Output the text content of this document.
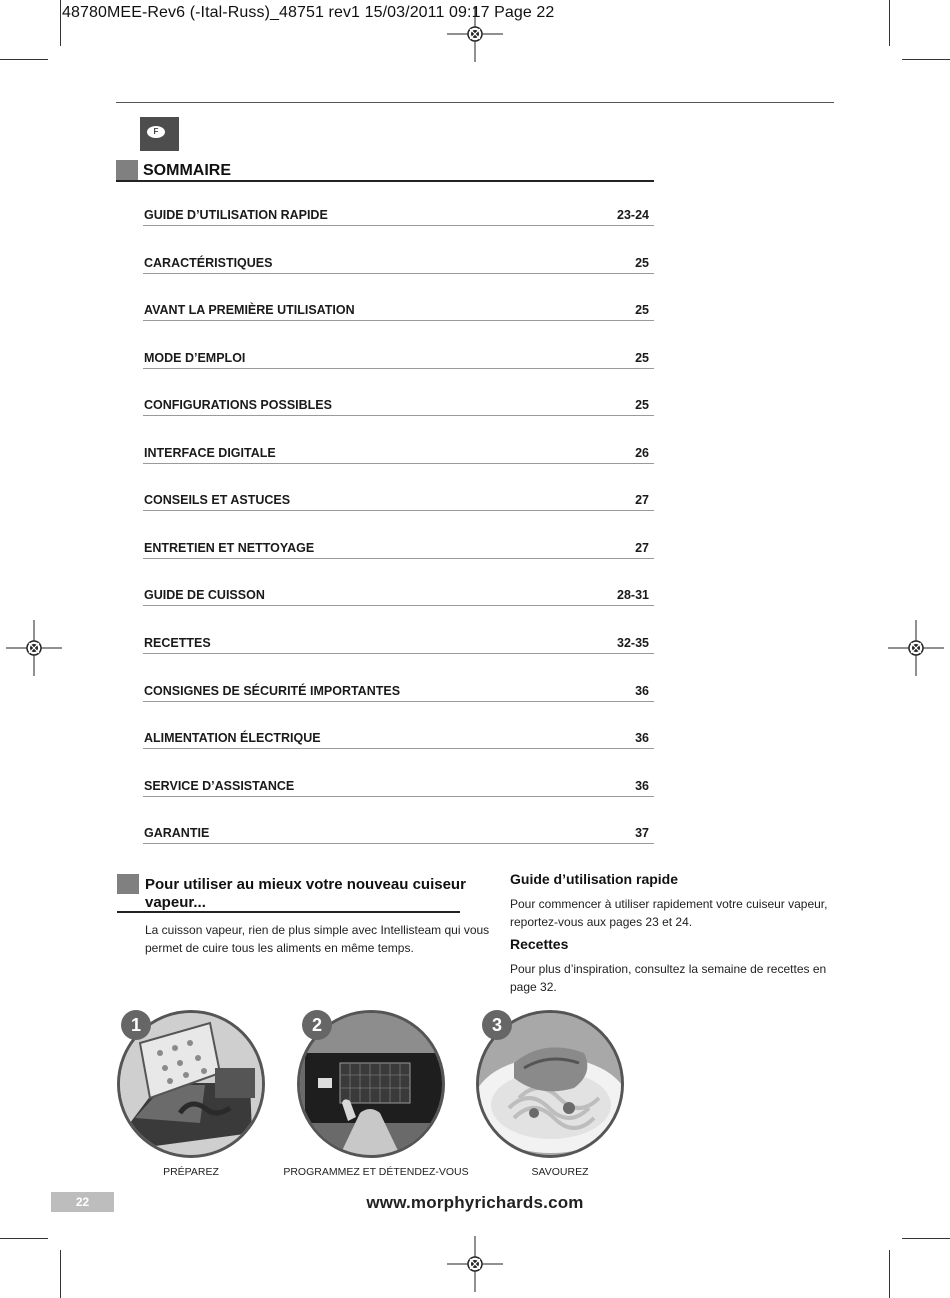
48780MEE-Rev6 (-Ital-Russ)_48751 rev1 15/03/2011 09:17 Page 22
F
SOMMAIRE
GUIDE D’UTILISATION RAPIDE	23-24
CARACTÉRISTIQUES	25
AVANT LA PREMIÈRE UTILISATION	25
MODE D’EMPLOI	25
CONFIGURATIONS POSSIBLES	25
INTERFACE DIGITALE	26
CONSEILS ET ASTUCES	27
ENTRETIEN ET NETTOYAGE	27
GUIDE DE CUISSON	28-31
RECETTES	32-35
CONSIGNES DE SÉCURITÉ IMPORTANTES	36
ALIMENTATION ÉLECTRIQUE	36
SERVICE D’ASSISTANCE	36
GARANTIE	37
Pour utiliser au mieux votre nouveau cuiseur
vapeur...
La cuisson vapeur, rien de plus simple avec Intellisteam qui vous
permet de cuire tous les aliments en même temps.
Guide d’utilisation rapide
Pour commencer à utiliser rapidement votre cuiseur vapeur,
reportez-vous aux pages 23 et 24.
Recettes
Pour plus d’inspiration, consultez la semaine de recettes en
page 32.
1
PRÉPAREZ
2
PROGRAMMEZ ET DÉTENDEZ-VOUS
3
SAVOUREZ
22	www.morphyrichards.com
